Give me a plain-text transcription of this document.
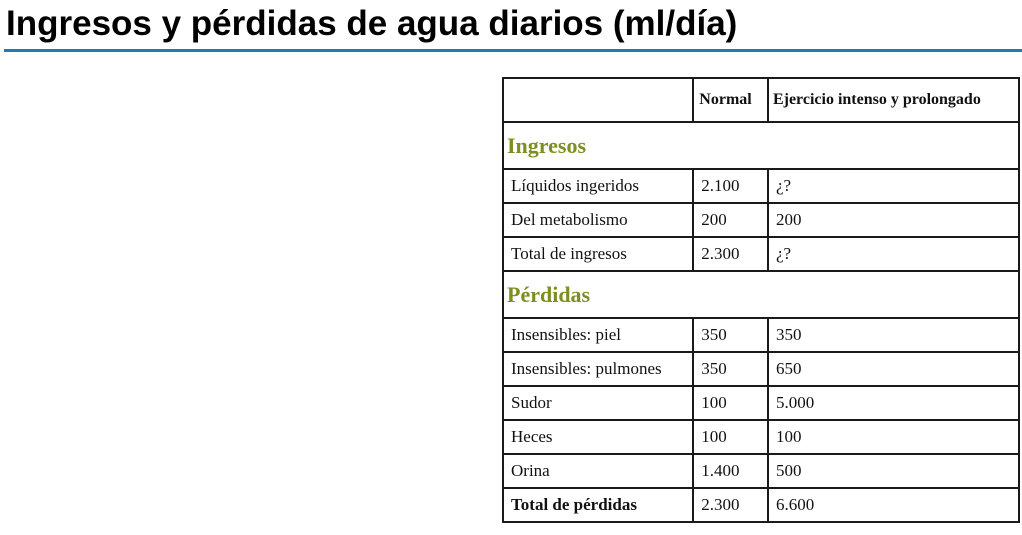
Ingresos y pérdidas de agua diarios (ml/día)
	Normal	Ejercicio intenso y prolongado
Ingresos		
Líquidos ingeridos	2.100	¿?
Del metabolismo	200	200
Total de ingresos	2.300	¿?
Pérdidas		
Insensibles: piel	350	350
Insensibles: pulmones	350	650
Sudor	100	5.000
Heces	100	100
Orina	1.400	500
Total de pérdidas	2.300	6.600
